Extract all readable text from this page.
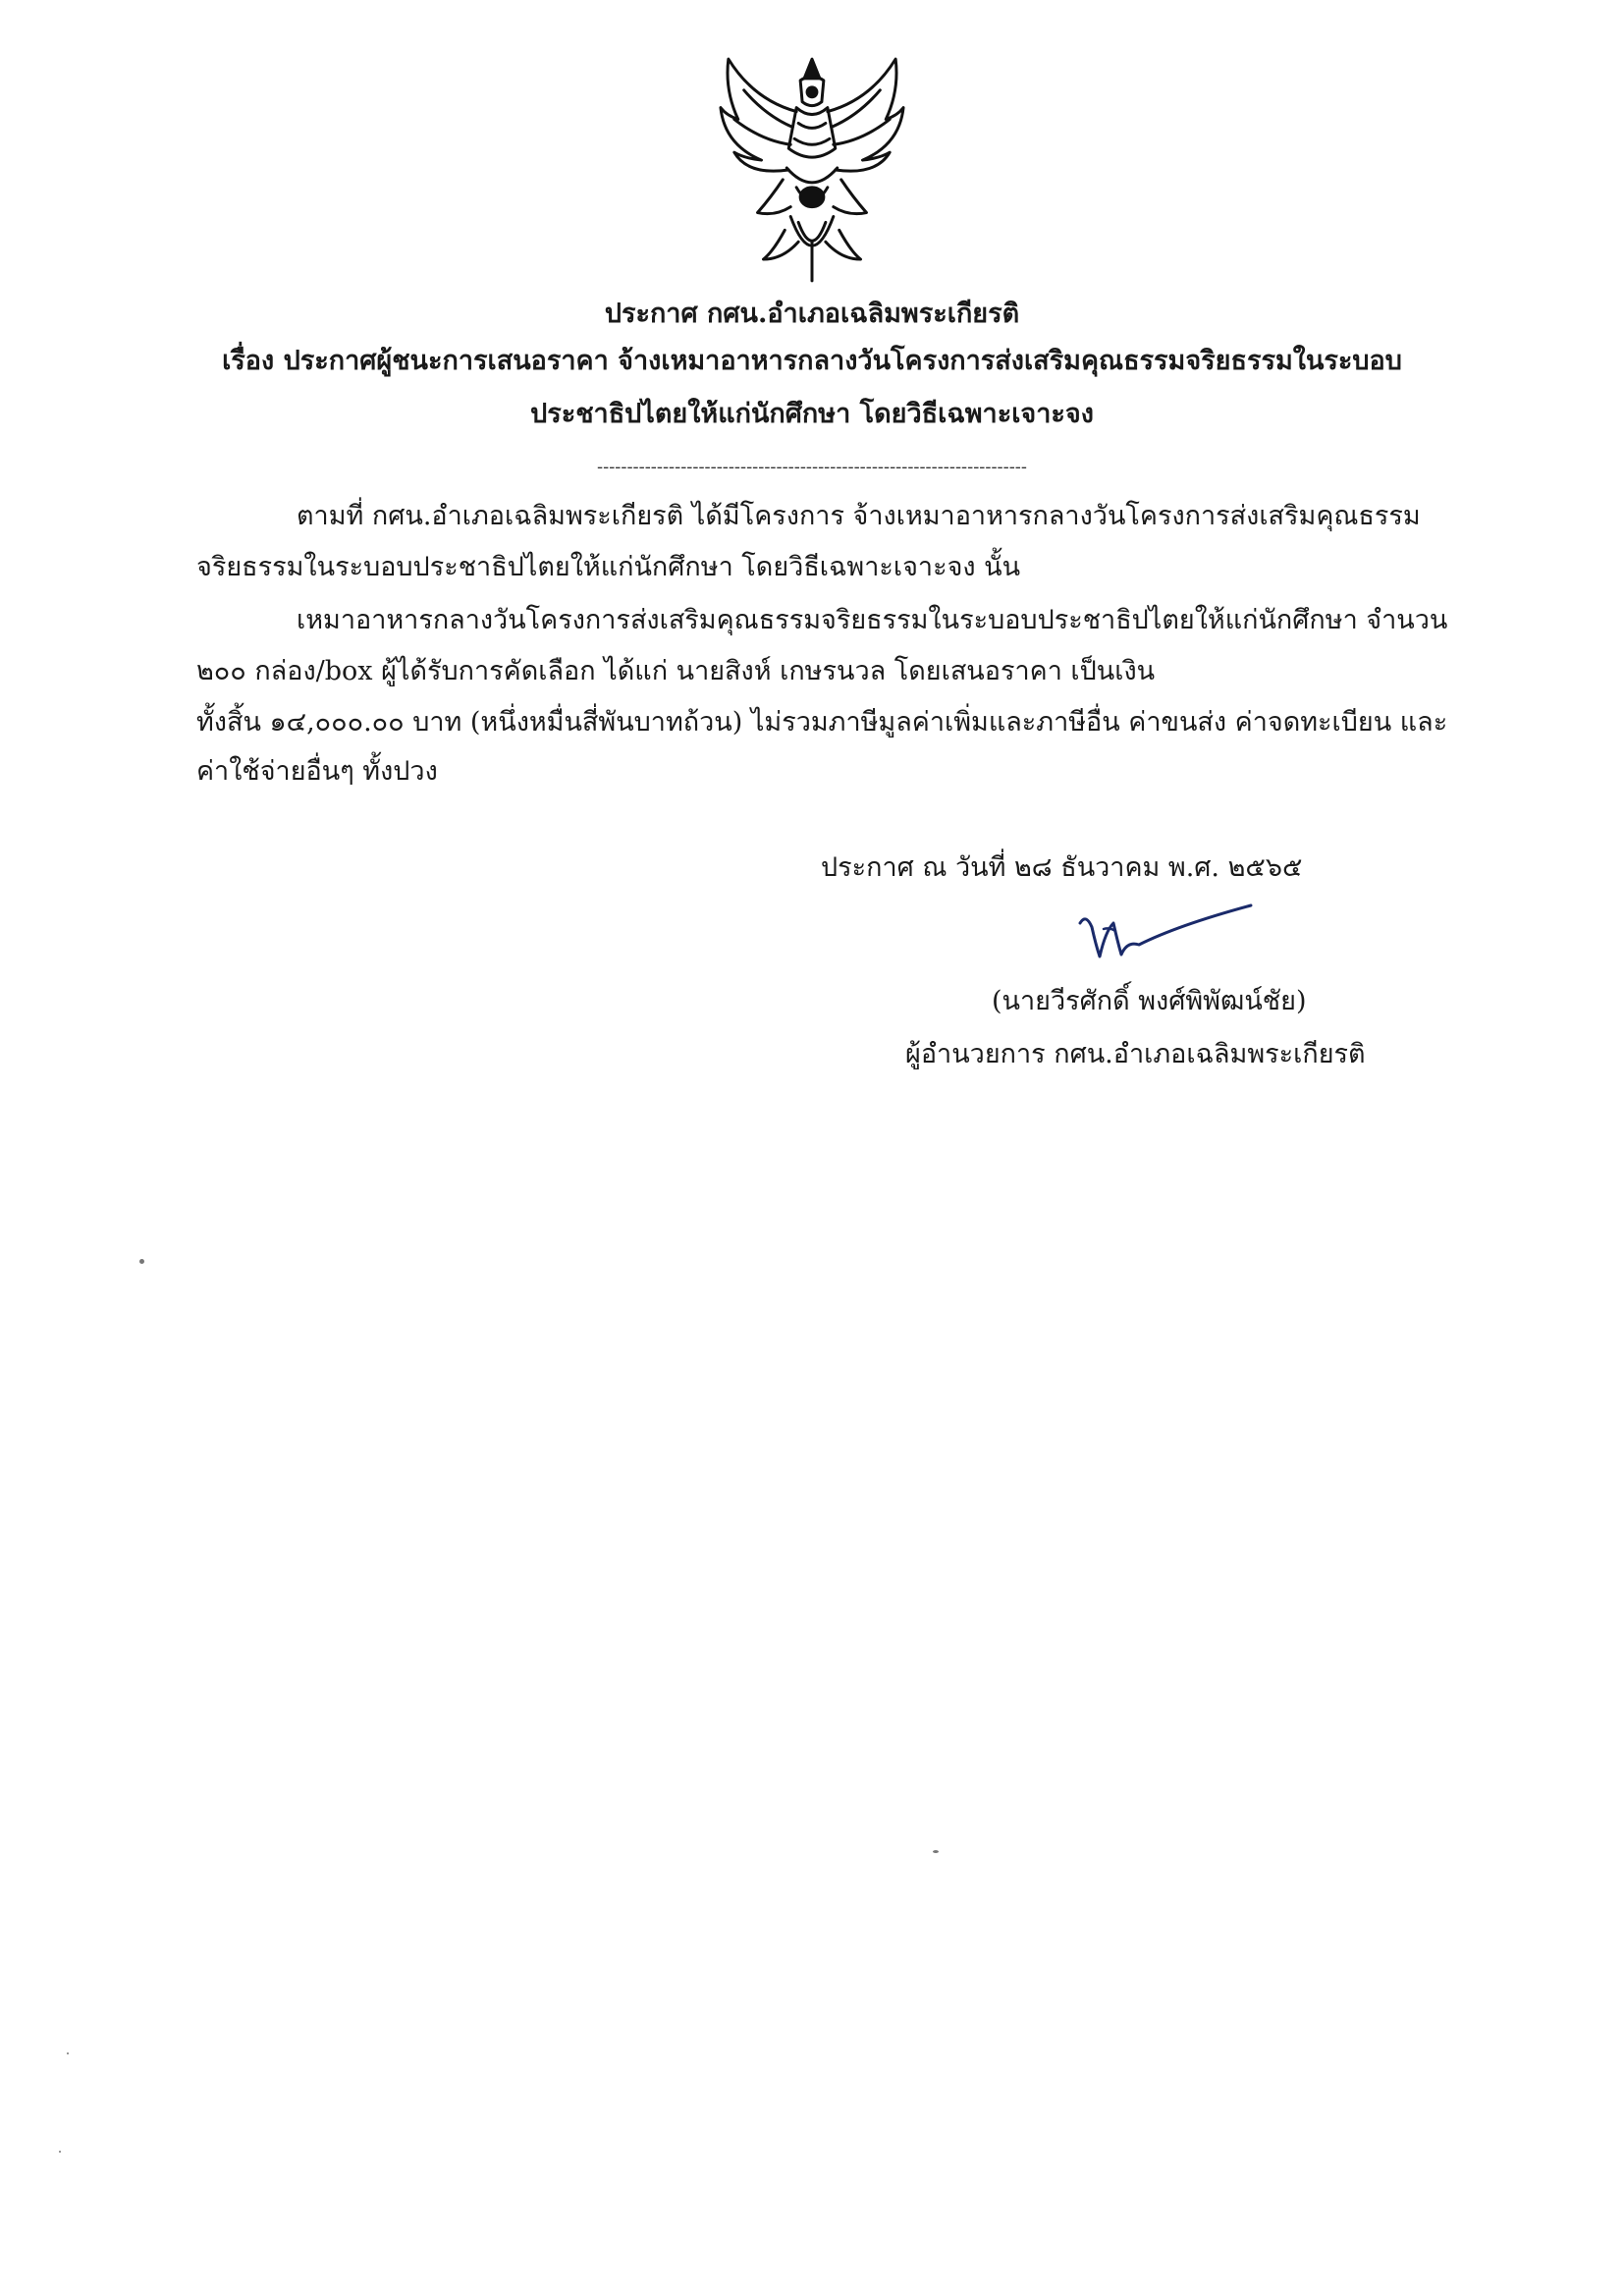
ประกาศ กศน.อำเภอเฉลิมพระเกียรติ
เรื่อง ประกาศผู้ชนะการเสนอราคา จ้างเหมาอาหารกลางวันโครงการส่งเสริมคุณธรรมจริยธรรมในระบอบ
ประชาธิปไตยให้แก่นักศึกษา โดยวิธีเฉพาะเจาะจง
------------------------------------------------------------------------
ตามที่ กศน.อำเภอเฉลิมพระเกียรติ ได้มีโครงการ จ้างเหมาอาหารกลางวันโครงการส่งเสริมคุณธรรม
จริยธรรมในระบอบประชาธิปไตยให้แก่นักศึกษา โดยวิธีเฉพาะเจาะจง นั้น
เหมาอาหารกลางวันโครงการส่งเสริมคุณธรรมจริยธรรมในระบอบประชาธิปไตยให้แก่นักศึกษา จำนวน
๒๐๐ กล่อง/box ผู้ได้รับการคัดเลือก ได้แก่ นายสิงห์ เกษรนวล โดยเสนอราคา เป็นเงิน
ทั้งสิ้น ๑๔,๐๐๐.๐๐ บาท (หนึ่งหมื่นสี่พันบาทถ้วน) ไม่รวมภาษีมูลค่าเพิ่มและภาษีอื่น ค่าขนส่ง ค่าจดทะเบียน และ
ค่าใช้จ่ายอื่นๆ ทั้งปวง
ประกาศ ณ วันที่ ๒๘ ธันวาคม พ.ศ. ๒๕๖๕
(นายวีรศักดิ์ พงศ์พิพัฒน์ชัย)
ผู้อำนวยการ กศน.อำเภอเฉลิมพระเกียรติ
